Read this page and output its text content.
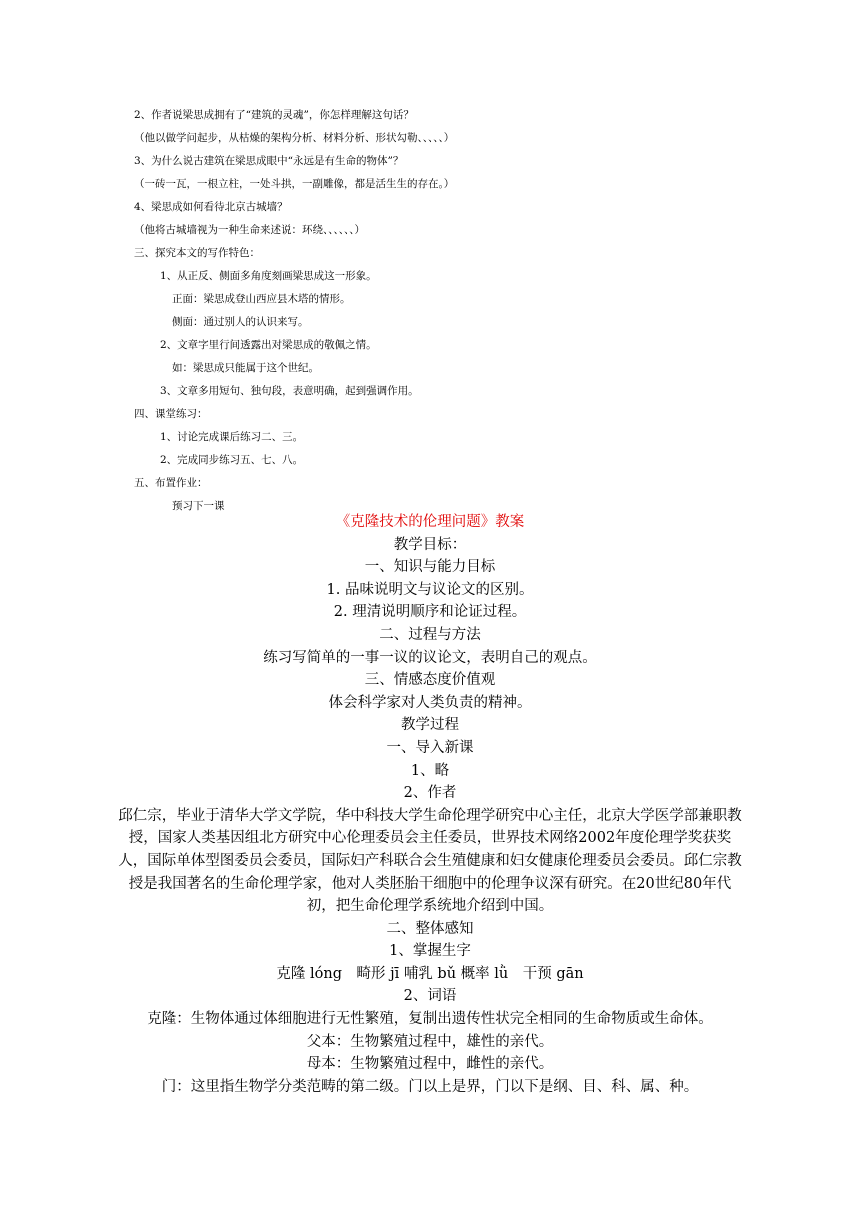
2、作者说梁思成拥有了“建筑的灵魂”，你怎样理解这句话？
（他以做学问起步，从枯燥的架构分析、材料分析、形状勾勒、、、、、）
3、为什么说古建筑在梁思成眼中“永远是有生命的物体”？
（一砖一瓦，一根立柱，一处斗拱，一副雕像，都是活生生的存在。）
4、梁思成如何看待北京古城墙？
（他将古城墙视为一种生命来述说：环绕、、、、、、）
三、探究本文的写作特色：
1、从正反、侧面多角度刻画梁思成这一形象。
正面：梁思成登山西应县木塔的情形。
侧面：通过别人的认识来写。
2、文章字里行间透露出对梁思成的敬佩之情。
如：梁思成只能属于这个世纪。
3、文章多用短句、独句段，表意明确，起到强调作用。
四、课堂练习：
1、讨论完成课后练习二、三。
2、完成同步练习五、七、八。
五、布置作业：
预习下一课

《克隆技术的伦理问题》教案

教学目标：

一、知识与能力目标

1. 品味说明文与议论文的区别。

2. 理清说明顺序和论证过程。

二、过程与方法

练习写简单的一事一议的议论文，表明自己的观点。

三、情感态度价值观

体会科学家对人类负责的精神。

教学过程

一、导入新课

1、略

2、作者

邱仁宗，毕业于清华大学文学院，华中科技大学生命伦理学研究中心主任，北京大学医学部兼职教授，国家人类基因组北方研究中心伦理委员会主任委员，世界技术网络2002年度伦理学奖获奖人，国际单体型图委员会委员，国际妇产科联合会生殖健康和妇女健康伦理委员会委员。邱仁宗教授是我国著名的生命伦理学家，他对人类胚胎干细胞中的伦理争议深有研究。在20世纪80年代初，把生命伦理学系统地介绍到中国。

二、整体感知

1、掌握生字

克隆 lóng　畸形 jī 哺乳 bǔ 概率 lǜ　干预 gān

2、词语

克隆：生物体通过体细胞进行无性繁殖，复制出遗传性状完全相同的生命物质或生命体。

父本：生物繁殖过程中，雄性的亲代。

母本：生物繁殖过程中，雌性的亲代。

门：这里指生物学分类范畴的第二级。门以上是界，门以下是纲、目、科、属、种。
